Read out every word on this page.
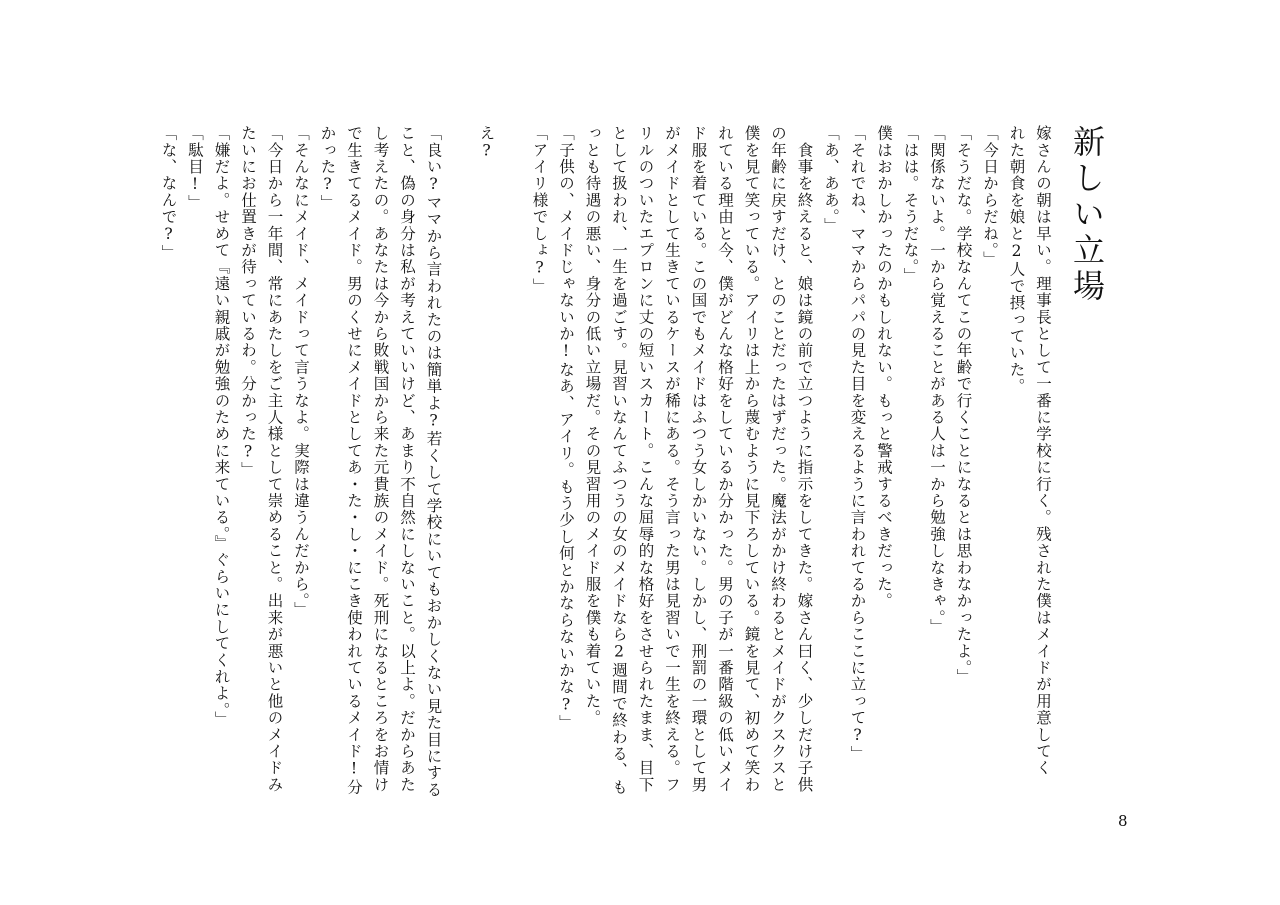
新しい立場
嫁さんの朝は早い。理事長として一番に学校に行く。残された僕はメイドが用意してく
れた朝食を娘と2人で摂っていた。
「今日からだね。」
「そうだな。学校なんてこの年齢で行くことになるとは思わなかったよ。」
「関係ないよ。一から覚えることがある人は一から勉強しなきゃ。」
「はは。そうだな。」
僕はおかしかったのかもしれない。もっと警戒するべきだった。
「それでね、ママからパパの見た目を変えるように言われてるからここに立って?」
「あ、ああ。」
　食事を終えると、娘は鏡の前で立つように指示をしてきた。嫁さん曰く、少しだけ子供
の年齢に戻すだけ、とのことだったはずだった。魔法がかけ終わるとメイドがクスクスと
僕を見て笑っている。アイリは上から蔑むように見下ろしている。鏡を見て、初めて笑わ
れている理由と今、僕がどんな格好をしているか分かった。男の子が一番階級の低いメイ
ド服を着ている。この国でもメイドはふつう女しかいない。しかし、刑罰の一環として男
がメイドとして生きているケースが稀にある。そう言った男は見習いで一生を終える。フ
リルのついたエプロンに丈の短いスカート。こんな屈辱的な格好をさせられたまま、目下
として扱われ、一生を過ごす。見習いなんてふつうの女のメイドなら2週間で終わる、も
っとも待遇の悪い、身分の低い立場だ。その見習用のメイド服を僕も着ていた。
「子供の、メイドじゃないか!なあ、アイリ。もう少し何とかならないかな?」
「アイリ様でしょ?」
え?
「良い?ママから言われたのは簡単よ?若くして学校にいてもおかしくない見た目にする
こと、偽の身分は私が考えていいけど、あまり不自然にしないこと。以上よ。だからあた
し考えたの。あなたは今から敗戦国から来た元貴族のメイド。死刑になるところをお情け
で生きてるメイド。男のくせにメイドとしてあ・た・し・にこき使われているメイド!分
かった?」
「そんなにメイド、メイドって言うなよ。実際は違うんだから。」
「今日から一年間、常にあたしをご主人様として崇めること。出来が悪いと他のメイドみ
たいにお仕置きが待っているわ。分かった?」
「嫌だよ。せめて『遠い親戚が勉強のために来ている。』ぐらいにしてくれよ。」
「駄目!」
「な、なんで?」
8
